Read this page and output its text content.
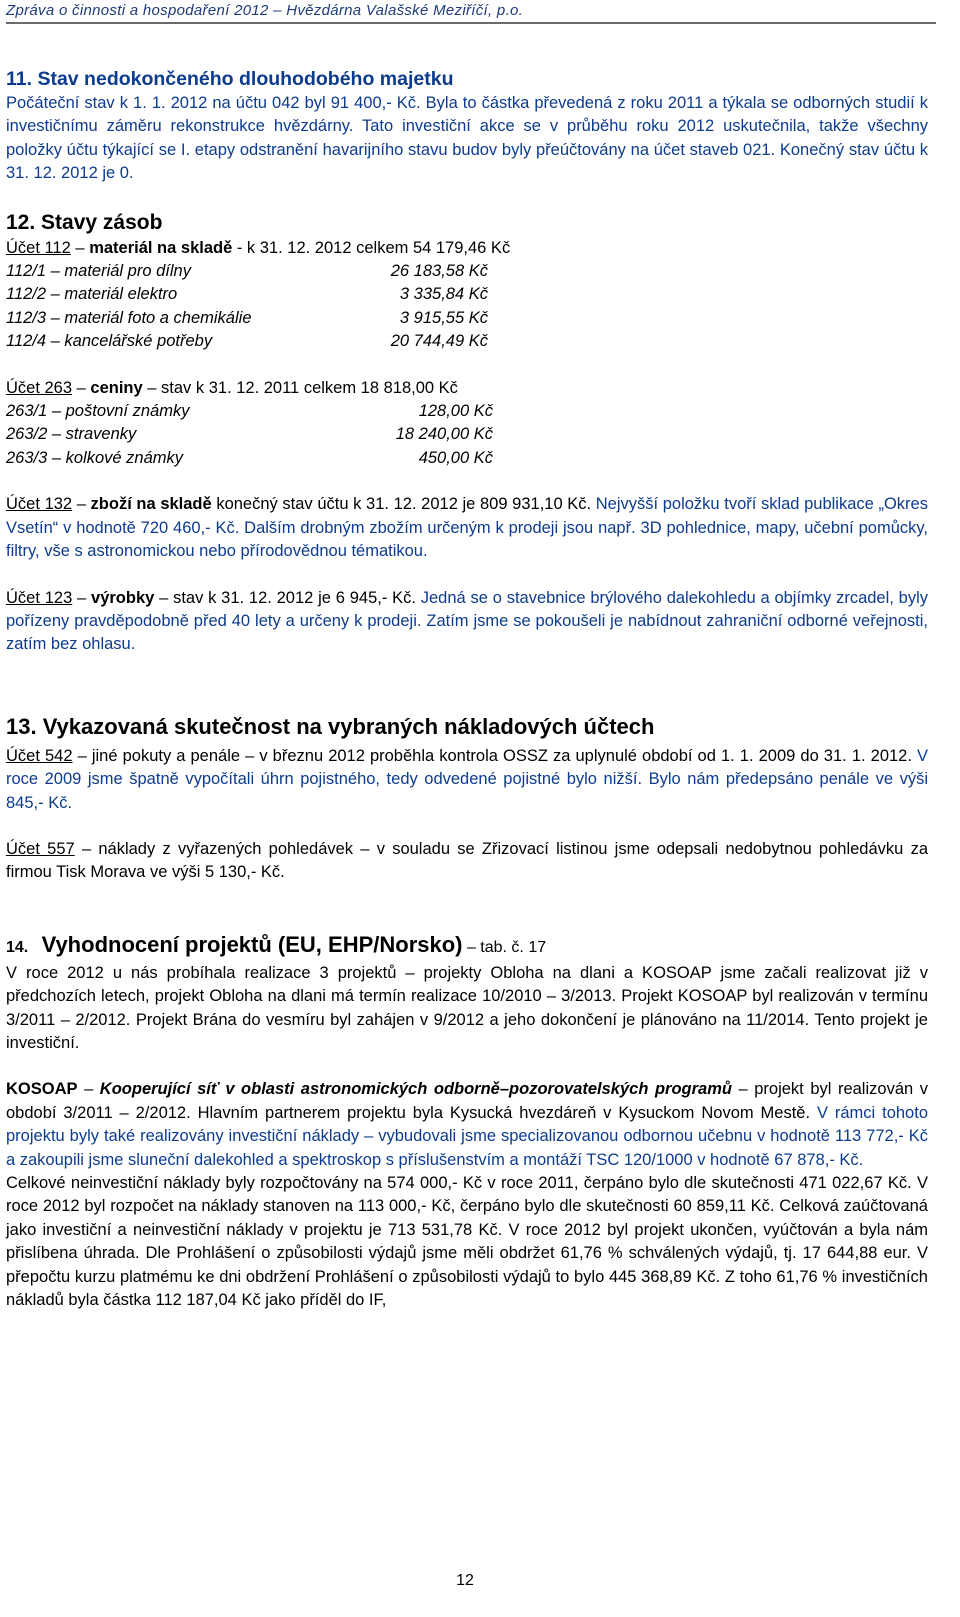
Zpráva o činnosti a hospodaření 2012 – Hvězdárna Valašské Meziříčí, p.o.
11. Stav nedokončeného dlouhodobého majetku

Počáteční stav k 1. 1. 2012 na účtu 042 byl 91 400,- Kč. Byla to částka převedená z roku 2011 a týkala se odborných studií k investičnímu záměru rekonstrukce hvězdárny. Tato investiční akce se v průběhu roku 2012 uskutečnila, takže všechny položky účtu týkající se I. etapy odstranění havarijního stavu budov byly přeúčtovány na účet staveb 021. Konečný stav účtu k 31. 12. 2012 je 0.

12. Stavy zásob

Účet 112 – materiál na skladě - k 31. 12. 2012 celkem 54 179,46 Kč

112/1 – materiál pro dílny	26 183,58 Kč
112/2 – materiál elektro	3 335,84 Kč
112/3 – materiál foto a chemikálie	3 915,55 Kč
112/4 – kancelářské potřeby	20 744,49 Kč

Účet 263 – ceniny – stav k 31. 12. 2011 celkem 18 818,00 Kč

263/1 – poštovní známky	128,00 Kč
263/2 – stravenky	18 240,00 Kč
263/3 – kolkové známky	450,00 Kč

Účet 132 – zboží na skladě konečný stav účtu k 31. 12. 2012 je 809 931,10 Kč. Nejvyšší položku tvoří sklad publikace „Okres Vsetín“ v hodnotě 720 460,- Kč. Dalším drobným zbožím určeným k prodeji jsou např. 3D pohlednice, mapy, učební pomůcky, filtry, vše s astronomickou nebo přírodovědnou tématikou.

Účet 123 – výrobky – stav k 31. 12. 2012 je 6 945,- Kč. Jedná se o stavebnice brýlového dalekohledu a objímky zrcadel, byly pořízeny pravděpodobně před 40 lety a určeny k prodeji. Zatím jsme se pokoušeli je nabídnout zahraniční odborné veřejnosti, zatím bez ohlasu.

13. Vykazovaná skutečnost na vybraných nákladových účtech

Účet 542 – jiné pokuty a penále – v březnu 2012 proběhla kontrola OSSZ za uplynulé období od 1. 1. 2009 do 31. 1. 2012. V roce 2009 jsme špatně vypočítali úhrn pojistného, tedy odvedené pojistné bylo nižší. Bylo nám předepsáno penále ve výši 845,- Kč.

Účet 557 – náklady z vyřazených pohledávek – v souladu se Zřizovací listinou jsme odepsali nedobytnou pohledávku za firmou Tisk Morava ve výši 5 130,- Kč.

14. Vyhodnocení projektů (EU, EHP/Norsko) – tab. č. 17

V roce 2012 u nás probíhala realizace 3 projektů – projekty Obloha na dlani a KOSOAP jsme začali realizovat již v předchozích letech, projekt Obloha na dlani má termín realizace 10/2010 – 3/2013. Projekt KOSOAP byl realizován v termínu 3/2011 – 2/2012. Projekt Brána do vesmíru byl zahájen v 9/2012 a jeho dokončení je plánováno na 11/2014. Tento projekt je investiční.

KOSOAP – Kooperující síť v oblasti astronomických odborně–pozorovatelských programů – projekt byl realizován v období 3/2011 – 2/2012. Hlavním partnerem projektu byla Kysucká hvezdáreň v Kysuckom Novom Mestě. V rámci tohoto projektu byly také realizovány investiční náklady – vybudovali jsme specializovanou odbornou učebnu v hodnotě 113 772,- Kč a zakoupili jsme sluneční dalekohled a spektroskop s příslušenstvím a montáží TSC 120/1000 v hodnotě 67 878,- Kč.

Celkové neinvestiční náklady byly rozpočtovány na 574 000,- Kč v roce 2011, čerpáno bylo dle skutečnosti 471 022,67 Kč. V roce 2012 byl rozpočet na náklady stanoven na 113 000,- Kč, čerpáno bylo dle skutečnosti 60 859,11 Kč. Celková zaúčtovaná jako investiční a neinvestiční náklady v projektu je 713 531,78 Kč. V roce 2012 byl projekt ukončen, vyúčtován a byla nám přislíbena úhrada. Dle Prohlášení o způsobilosti výdajů jsme měli obdržet 61,76 % schválených výdajů, tj. 17 644,88 eur. V přepočtu kurzu platmému ke dni obdržení Prohlášení o způsobilosti výdajů to bylo 445 368,89 Kč. Z toho 61,76 % investičních nákladů byla částka 112 187,04 Kč jako příděl do IF,

12
